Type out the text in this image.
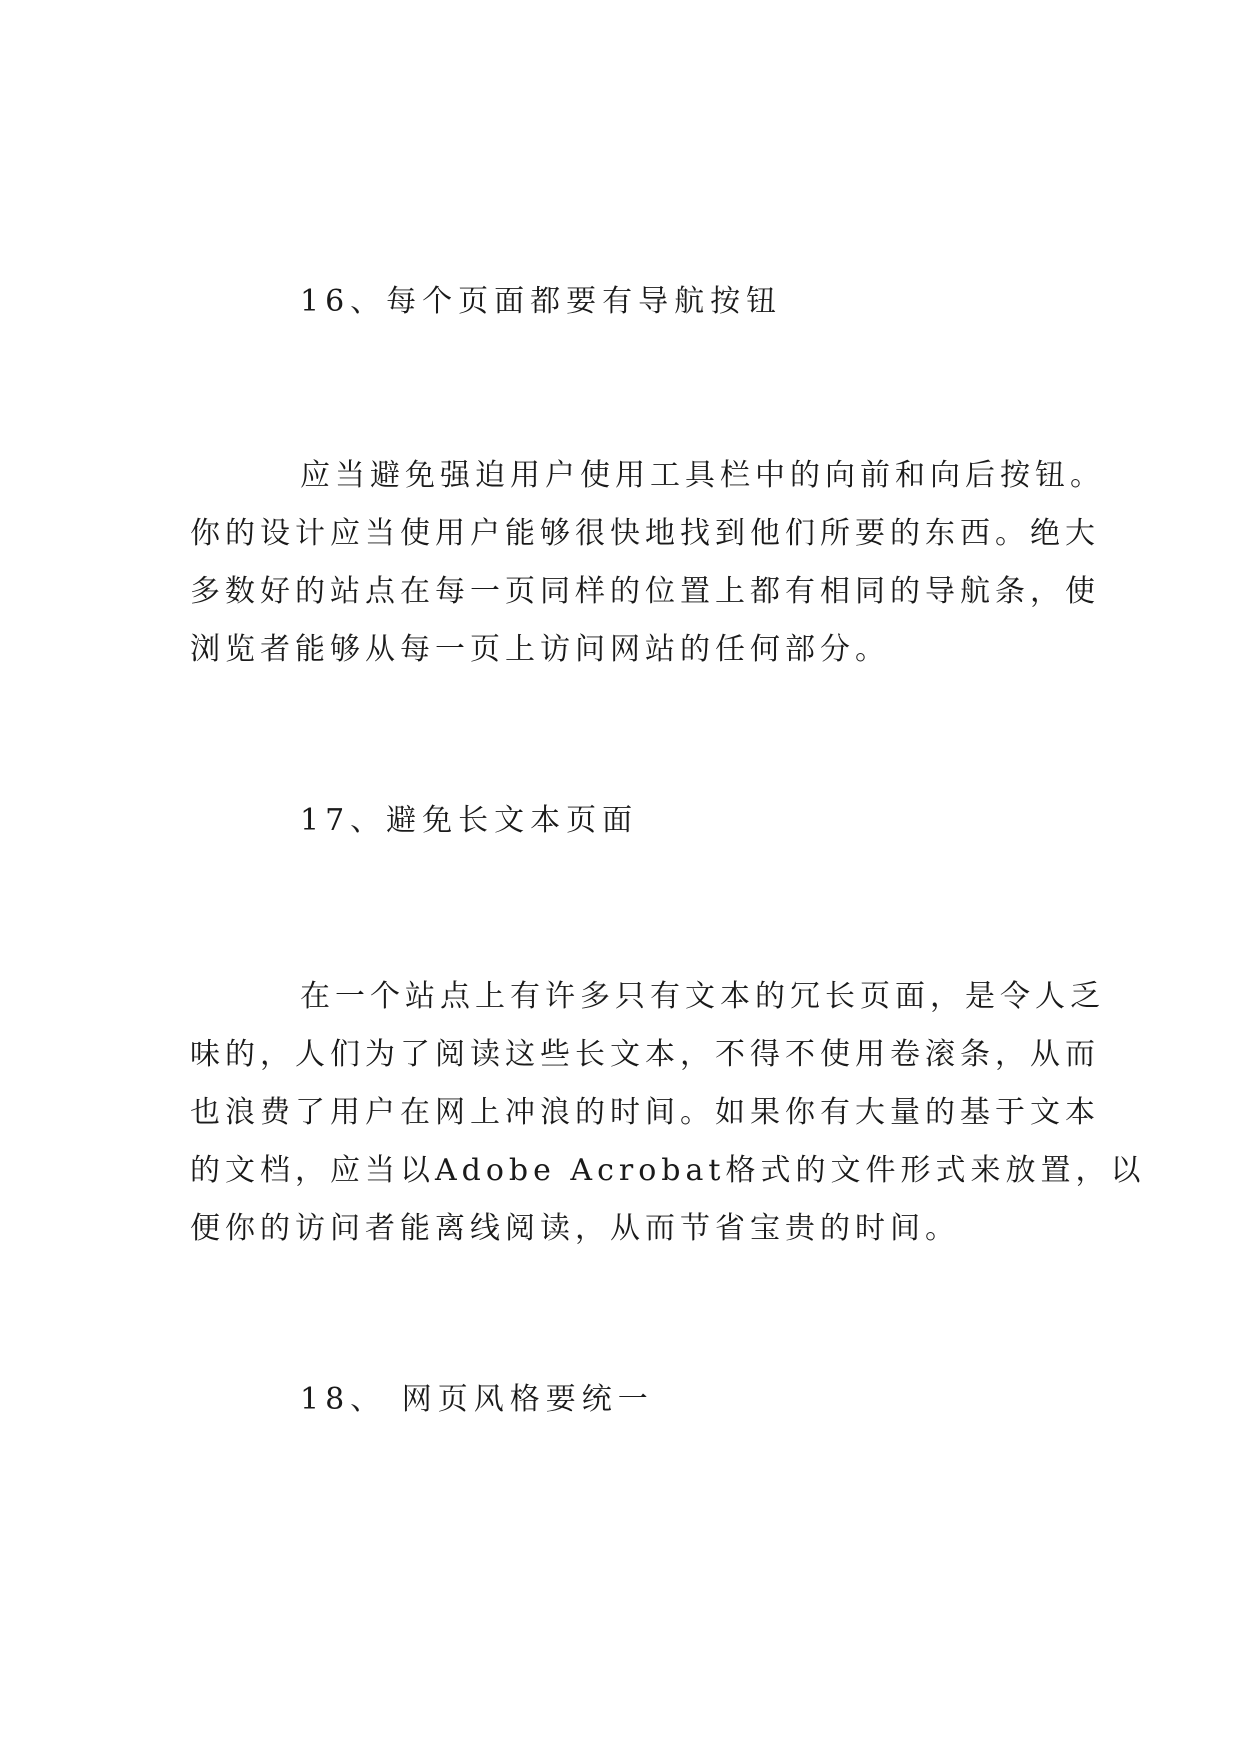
16、每个页面都要有导航按钮
应当避免强迫用户使用工具栏中的向前和向后按钮。
你的设计应当使用户能够很快地找到他们所要的东西。绝大
多数好的站点在每一页同样的位置上都有相同的导航条，使
浏览者能够从每一页上访问网站的任何部分。
17、避免长文本页面
在一个站点上有许多只有文本的冗长页面，是令人乏
味的，人们为了阅读这些长文本，不得不使用卷滚条，从而
也浪费了用户在网上冲浪的时间。如果你有大量的基于文本
的文档，应当以Adobe Acrobat格式的文件形式来放置，以
便你的访问者能离线阅读，从而节省宝贵的时间。
18、 网页风格要统一
